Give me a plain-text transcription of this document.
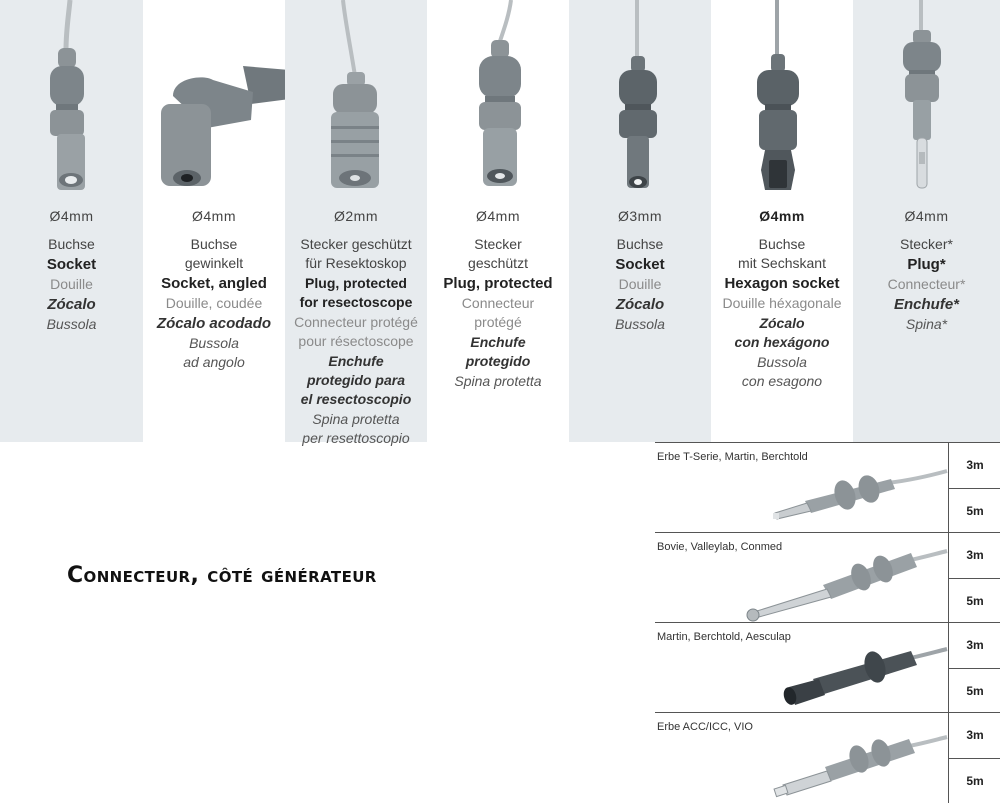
Ø4mm
Buchse
Socket
Douille
Zócalo
Bussola
Ø4mm
Buchse
gewinkelt
Socket, angled
Douille, coudée
Zócalo acodado
Bussola
ad angolo
Ø2mm
Stecker geschützt
für Resektoskop
Plug, protected
for resectoscope
Connecteur protégé
pour résectoscope
Enchufe
protegido para
el resectoscopio
Spina protetta
per resettoscopio
Ø4mm
Stecker
geschützt
Plug, protected
Connecteur
protégé
Enchufe
protegido
Spina protetta
Ø3mm
Buchse
Socket
Douille
Zócalo
Bussola
Ø4mm
Buchse
mit Sechskant
Hexagon socket
Douille héxagonale
Zócalo
con hexágono
Bussola
con esagono
Ø4mm
Stecker*
Plug*
Connecteur*
Enchufe*
Spina*
Connecteur, côté générateur
Erbe T-Serie, Martin, Berchtold
3m
5m
Bovie, Valleylab, Conmed
3m
5m
Martin, Berchtold, Aesculap
3m
5m
Erbe ACC/ICC, VIO
3m
5m
